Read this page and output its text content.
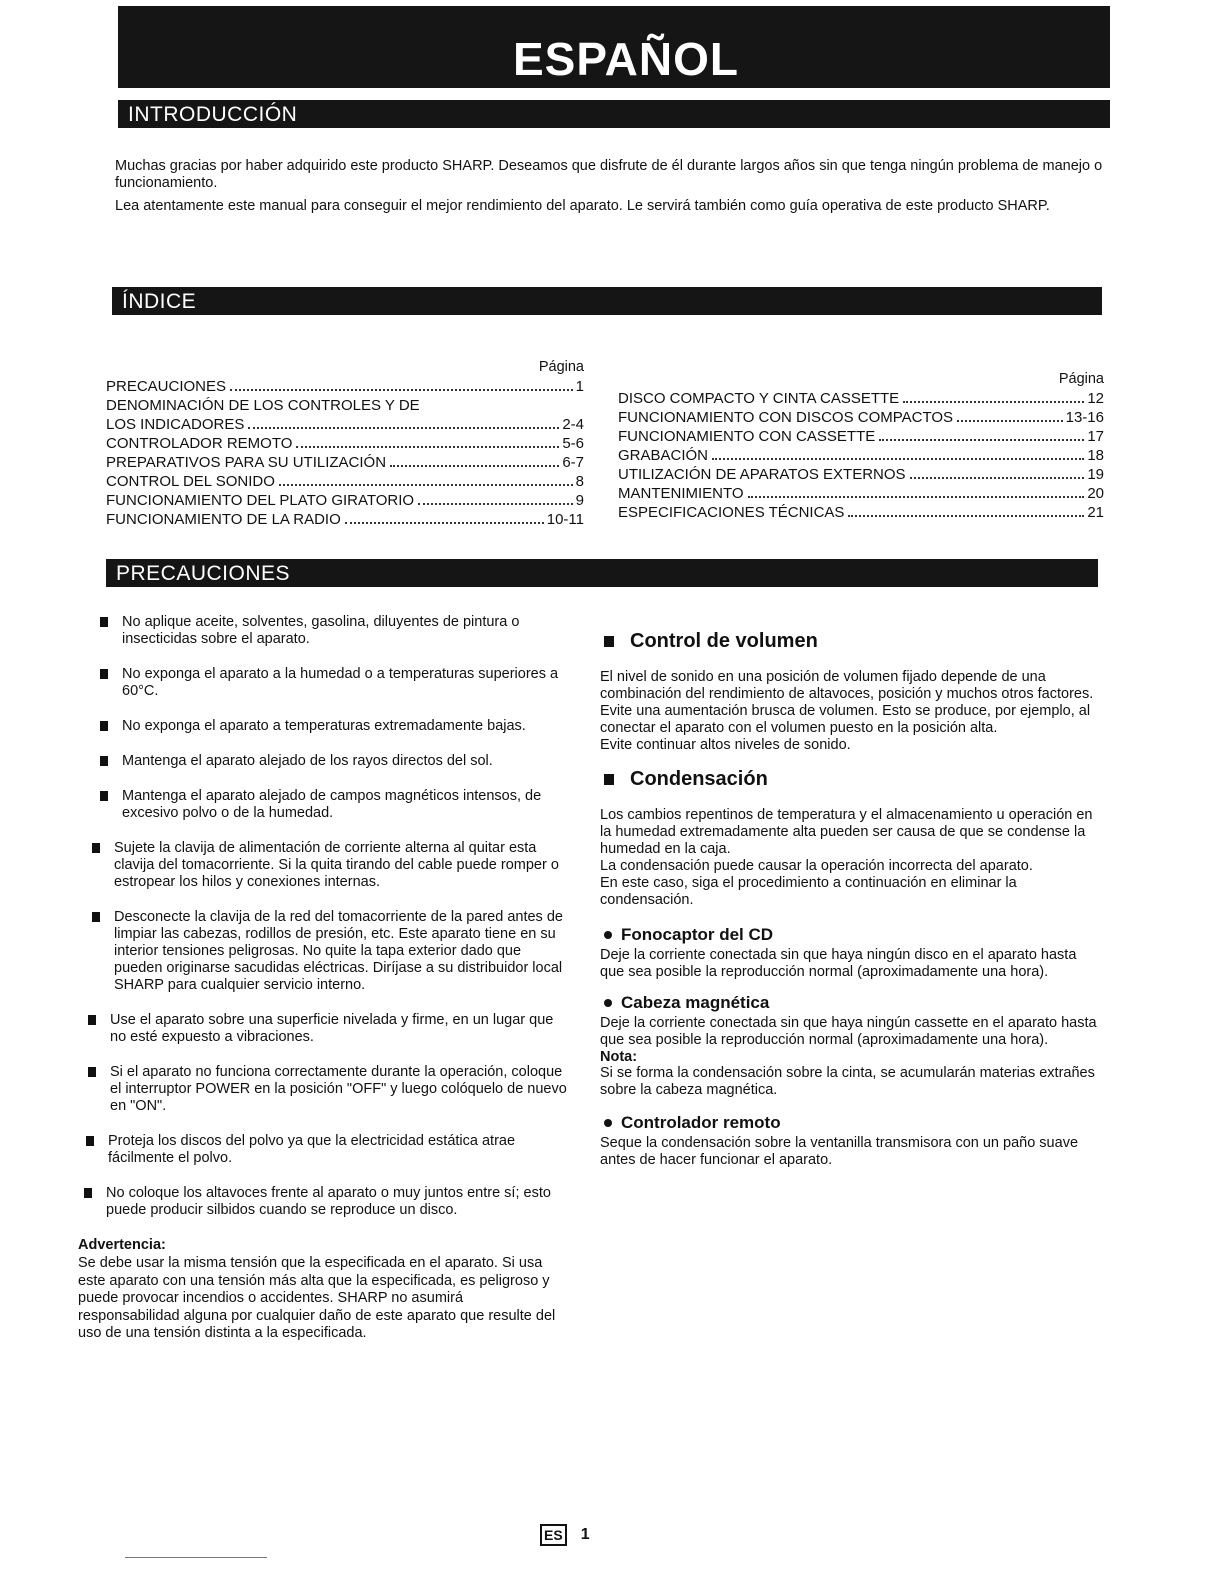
ESPAÑOL
INTRODUCCIÓN

Muchas gracias por haber adquirido este producto SHARP. Deseamos que disfrute de él durante largos años sin que tenga ningún problema de manejo o funcionamiento.

Lea atentamente este manual para conseguir el mejor rendimiento del aparato. Le servirá también como guía operativa de este producto SHARP.

ÍNDICE
Página
PRECAUCIONES	1
DENOMINACIÓN DE LOS CONTROLES Y DE
LOS INDICADORES	2-4
CONTROLADOR REMOTO	5-6
PREPARATIVOS PARA SU UTILIZACIÓN	6-7
CONTROL DEL SONIDO	8
FUNCIONAMIENTO DEL PLATO GIRATORIO	9
FUNCIONAMIENTO DE LA RADIO	10-11
Página
DISCO COMPACTO Y CINTA CASSETTE	12
FUNCIONAMIENTO CON DISCOS COMPACTOS	13-16
FUNCIONAMIENTO CON CASSETTE	17
GRABACIÓN	18
UTILIZACIÓN DE APARATOS EXTERNOS	19
MANTENIMIENTO	20
ESPECIFICACIONES TÉCNICAS	21
PRECAUCIONES
No aplique aceite, solventes, gasolina, diluyentes de pintura o insecticidas sobre el aparato.
No exponga el aparato a la humedad o a temperaturas superiores a 60°C.
No exponga el aparato a temperaturas extremadamente bajas.
Mantenga el aparato alejado de los rayos directos del sol.
Mantenga el aparato alejado de campos magnéticos intensos, de excesivo polvo o de la humedad.
Sujete la clavija de alimentación de corriente alterna al quitar esta clavija del tomacorriente. Si la quita tirando del cable puede romper o estropear los hilos y conexiones internas.
Desconecte la clavija de la red del tomacorriente de la pared antes de limpiar las cabezas, rodillos de presión, etc. Este aparato tiene en su interior tensiones peligrosas. No quite la tapa exterior dado que pueden originarse sacudidas eléctricas. Diríjase a su distribuidor local SHARP para cualquier servicio interno.
Use el aparato sobre una superficie nivelada y firme, en un lugar que no esté expuesto a vibraciones.
Si el aparato no funciona correctamente durante la operación, coloque el interruptor POWER en la posición "OFF" y luego colóquelo de nuevo en "ON".
Proteja los discos del polvo ya que la electricidad estática atrae fácilmente el polvo.
No coloque los altavoces frente al aparato o muy juntos entre sí; esto puede producir silbidos cuando se reproduce un disco.
Advertencia:

Se debe usar la misma tensión que la especificada en el aparato. Si usa este aparato con una tensión más alta que la especificada, es peligroso y puede provocar incendios o accidentes. SHARP no asumirá responsabilidad alguna por cualquier daño de este aparato que resulte del uso de una tensión distinta a la especificada.

Control de volumen

El nivel de sonido en una posición de volumen fijado depende de una combinación del rendimiento de altavoces, posición y muchos otros factores.

Evite una aumentación brusca de volumen. Esto se produce, por ejemplo, al conectar el aparato con el volumen puesto en la posición alta.

Evite continuar altos niveles de sonido.

Condensación

Los cambios repentinos de temperatura y el almacenamiento u operación en la humedad extremadamente alta pueden ser causa de que se condense la humedad en la caja.

La condensación puede causar la operación incorrecta del aparato.

En este caso, siga el procedimiento a continuación en eliminar la condensación.

Fonocaptor del CD

Deje la corriente conectada sin que haya ningún disco en el aparato hasta que sea posible la reproducción normal (aproximadamente una hora).

Cabeza magnética

Deje la corriente conectada sin que haya ningún cassette en el aparato hasta que sea posible la reproducción normal (aproximadamente una hora).

Nota:

Si se forma la condensación sobre la cinta, se acumularán materias extrañes sobre la cabeza magnética.

Controlador remoto

Seque la condensación sobre la ventanilla transmisora con un paño suave antes de hacer funcionar el aparato.

ES 1
